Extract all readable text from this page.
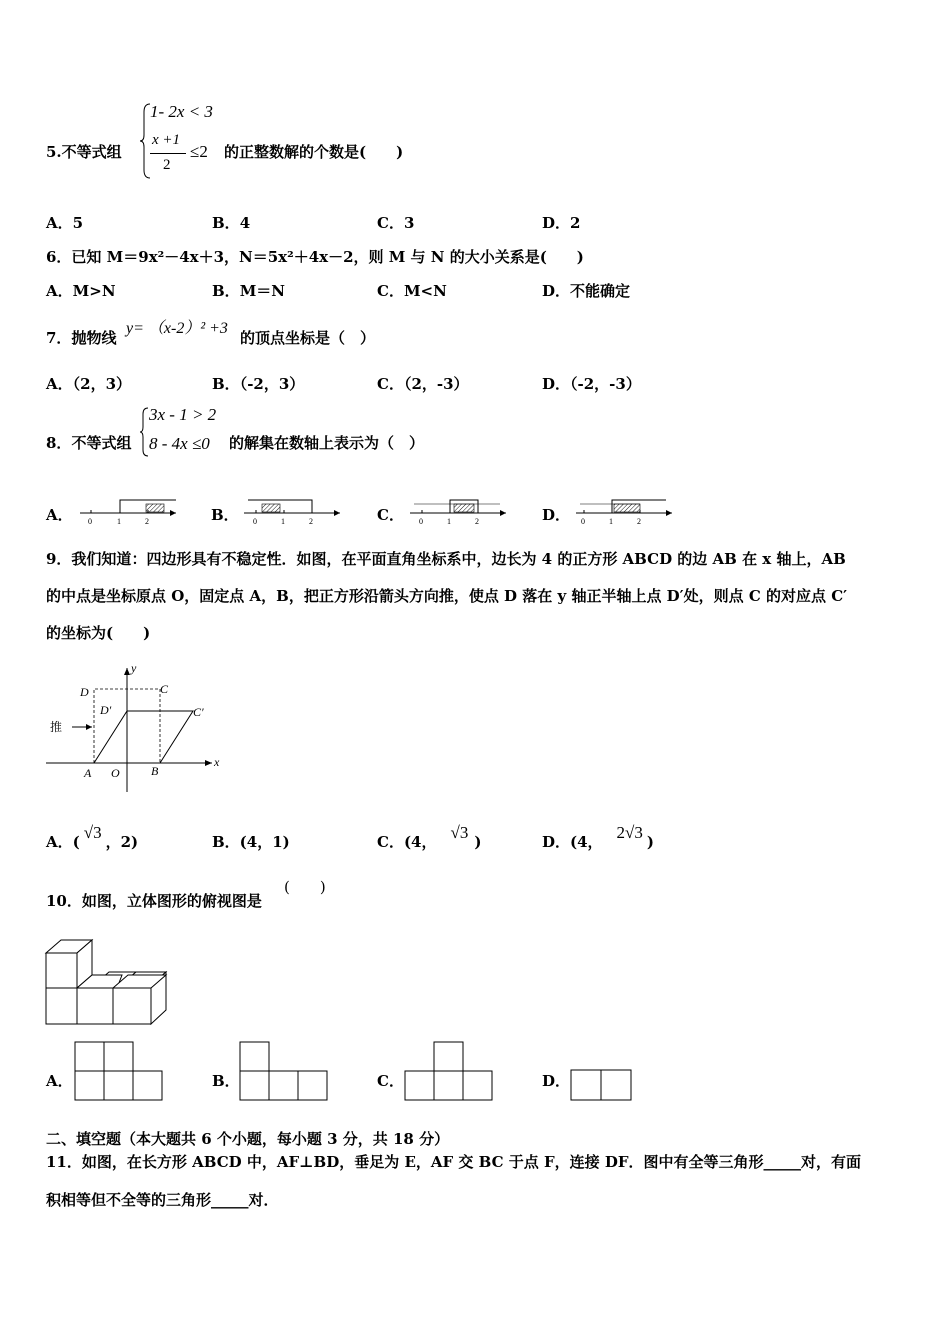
5.不等式组
1- 2x < 3
x +1
2
≤2 的正整数解的个数是(　　)
A．5	B．4	C．3	D．2
6．已知 M＝9x²－4x＋3，N＝5x²＋4x－2，则 M 与 N 的大小关系是(　　)
A．M>N	B．M＝N	C．M<N	D．不能确定
7．抛物线
y= （x-2）² +3
的顶点坐标是（　）
A．（2，3）	B．（-2，3）	C．（2，-3）	D．（-2，-3）
8．不等式组
3x - 1 > 2
8 - 4x ≤0 的解集在数轴上表示为（　）
A． 0	1	2	B． 0	1	2	C． 0	1	2	D． 0	1	2
9．我们知道：四边形具有不稳定性．如图，在平面直角坐标系中，边长为 4 的正方形 ABCD 的边 AB 在 x 轴上，AB
的中点是坐标原点 O，固定点 A，B，把正方形沿箭头方向推，使点 D 落在 y 轴正半轴上点 D′处，则点 C 的对应点 C′
的坐标为(　　)
y
x
D	C
D′	C′
A O	B
推
A．( √3 ，2)	B．(4，1)	C．(4， √3 )	D．(4， 2√3 )
10．如图，立体图形的俯视图是
(　　)
A．	B．	C．	D．
二、填空题（本大题共 6 个小题，每小题 3 分，共 18 分）
11．如图，在长方形 ABCD 中，AF⊥BD，垂足为 E，AF 交 BC 于点 F，连接 DF．图中有全等三角形_____对，有面
积相等但不全等的三角形_____对．
